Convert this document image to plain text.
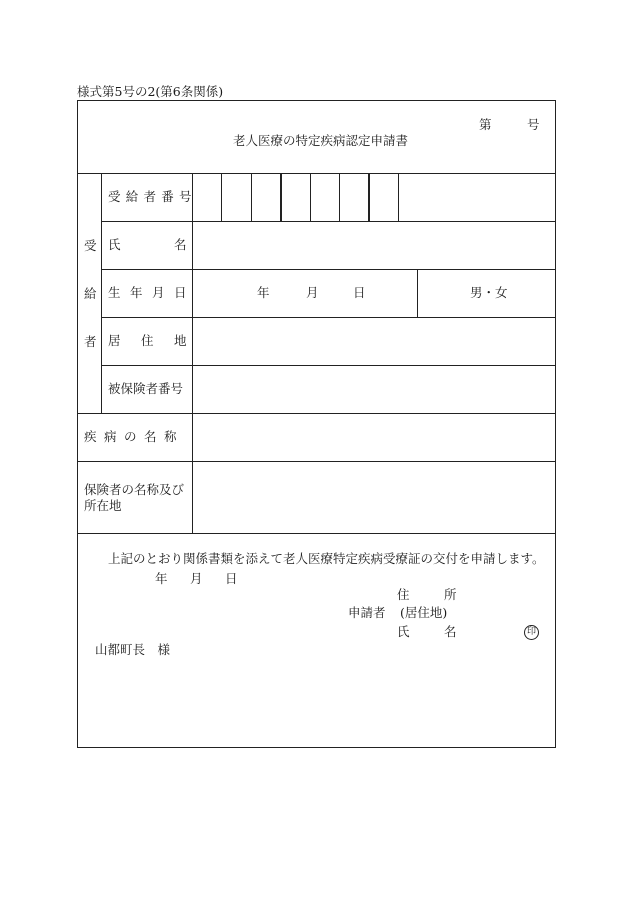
様式第5号の2(第6条関係)
第	号
老人医療の特定疾病認定申請書
受
給
者
受給者番号
氏	名
生 年 月 日	年	月	日	男・女
居 住 地
被保険者番号
疾病の名称
保険者の名称及び
所在地
上記のとおり関係書類を添えて老人医療特定疾病受療証の交付を申請します。
年 月 日
住	所
申請者 (居住地)
氏	名	印
山都町長　様
